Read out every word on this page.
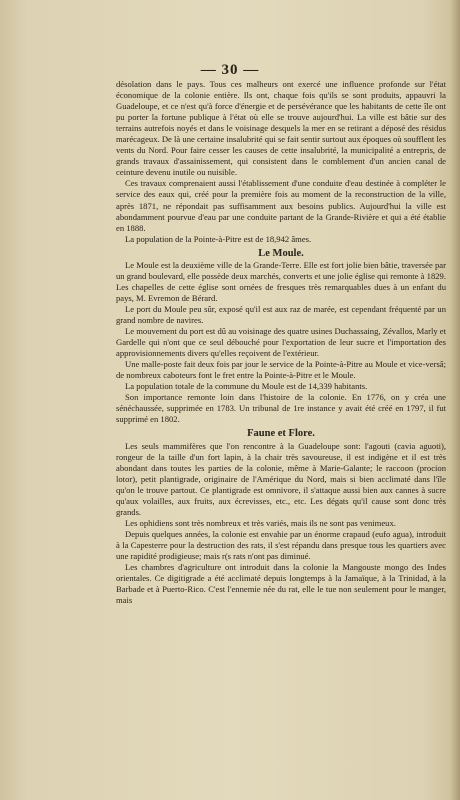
— 30 —

désolation dans le pays. Tous ces malheurs ont exercé une influence profonde sur l'état économique de la colonie entière. Ils ont, chaque fois qu'ils se sont produits, appauvri la Guadeloupe, et ce n'est qu'à force d'énergie et de persévérance que les habitants de cette île ont pu porter la fortune publique à l'état où elle se trouve aujourd'hui. La ville est bâtie sur des terrains autrefois noyés et dans le voisinage desquels la mer en se retirant a déposé des résidus marécageux. De là une certaine insalubrité qui se fait sentir surtout aux époques où soufflent les vents du Nord. Pour faire cesser les causes de cette insalubrité, la municipalité a entrepris, de grands travaux d'assainissement, qui consistent dans le comblement d'un ancien canal de ceinture devenu inutile ou nuisible.

Ces travaux comprenaient aussi l'établissement d'une conduite d'eau destinée à compléter le service des eaux qui, créé pour la première fois au moment de la reconstruction de la ville, après 1871, ne répondait pas suffisamment aux besoins publics. Aujourd'hui la ville est abondamment pourvue d'eau par une conduite partant de la Grande-Rivière et qui a été établie en 1888.

La population de la Pointe-à-Pitre est de 18,942 âmes.

Le Moule.

Le Moule est la deuxième ville de la Grande-Terre. Elle est fort jolie bien bâtie, traversée par un grand boulevard, elle possède deux marchés, converts et une jolie église qui remonte à 1829. Les chapelles de cette église sont ornées de fresques très remarquables dues à un enfant du pays, M. Evremon de Bérard.

Le port du Moule peu sûr, exposé qu'il est aux raz de marée, est cependant fréquenté par un grand nombre de navires.

Le mouvement du port est dû au voisinage des quatre usines Duchassaing, Zévallos, Marly et Gardelle qui n'ont que ce seul débouché pour l'exportation de leur sucre et l'importation des approvisionnements divers qu'elles reçoivent de l'extérieur.

Une malle-poste fait deux fois par jour le service de la Pointe-à-Pitre au Moule et vice-versâ; de nombreux caboteurs font le fret entre la Pointe-à-Pitre et le Moule.

La population totale de la commune du Moule est de 14,339 habitants.

Son importance remonte loin dans l'histoire de la colonie. En 1776, on y créa une sénéchaussée, supprimée en 1783. Un tribunal de 1re instance y avait été créé en 1797, il fut supprimé en 1802.

Faune et Flore.

Les seuls mammifères que l'on rencontre à la Guadeloupe sont: l'agouti (cavia aguoti), rongeur de la taille d'un fort lapin, à la chair très savoureuse, il est indigène et il est très abondant dans toutes les parties de la colonie, même à Marie-Galante; le raccoon (procion lotor), petit plantigrade, originaire de l'Amérique du Nord, mais si bien acclimaté dans l'île qu'on le trouve partout. Ce plantigrade est omnivore, il s'attaque aussi bien aux cannes à sucre qu'aux volailles, aux fruits, aux écrevisses, etc., etc. Les dégats qu'il cause sont donc très grands.

Les ophidiens sont très nombreux et très variés, mais ils ne sont pas venimeux.

Depuis quelques années, la colonie est envahie par un énorme crapaud (eufo agua), introduit à la Capesterre pour la destruction des rats, il s'est répandu dans presque tous les quartiers avec une rapidité prodigieuse; mais r(s rats n'ont pas diminué.

Les chambres d'agriculture ont introduit dans la colonie la Mangouste mongo des Indes orientales. Ce digitigrade a été acclimaté depuis longtemps à la Jamaïque, à la Trinidad, à la Barbade et à Puerto-Rico. C'est l'ennemie née du rat, elle le tue non seulement pour le manger, mais
